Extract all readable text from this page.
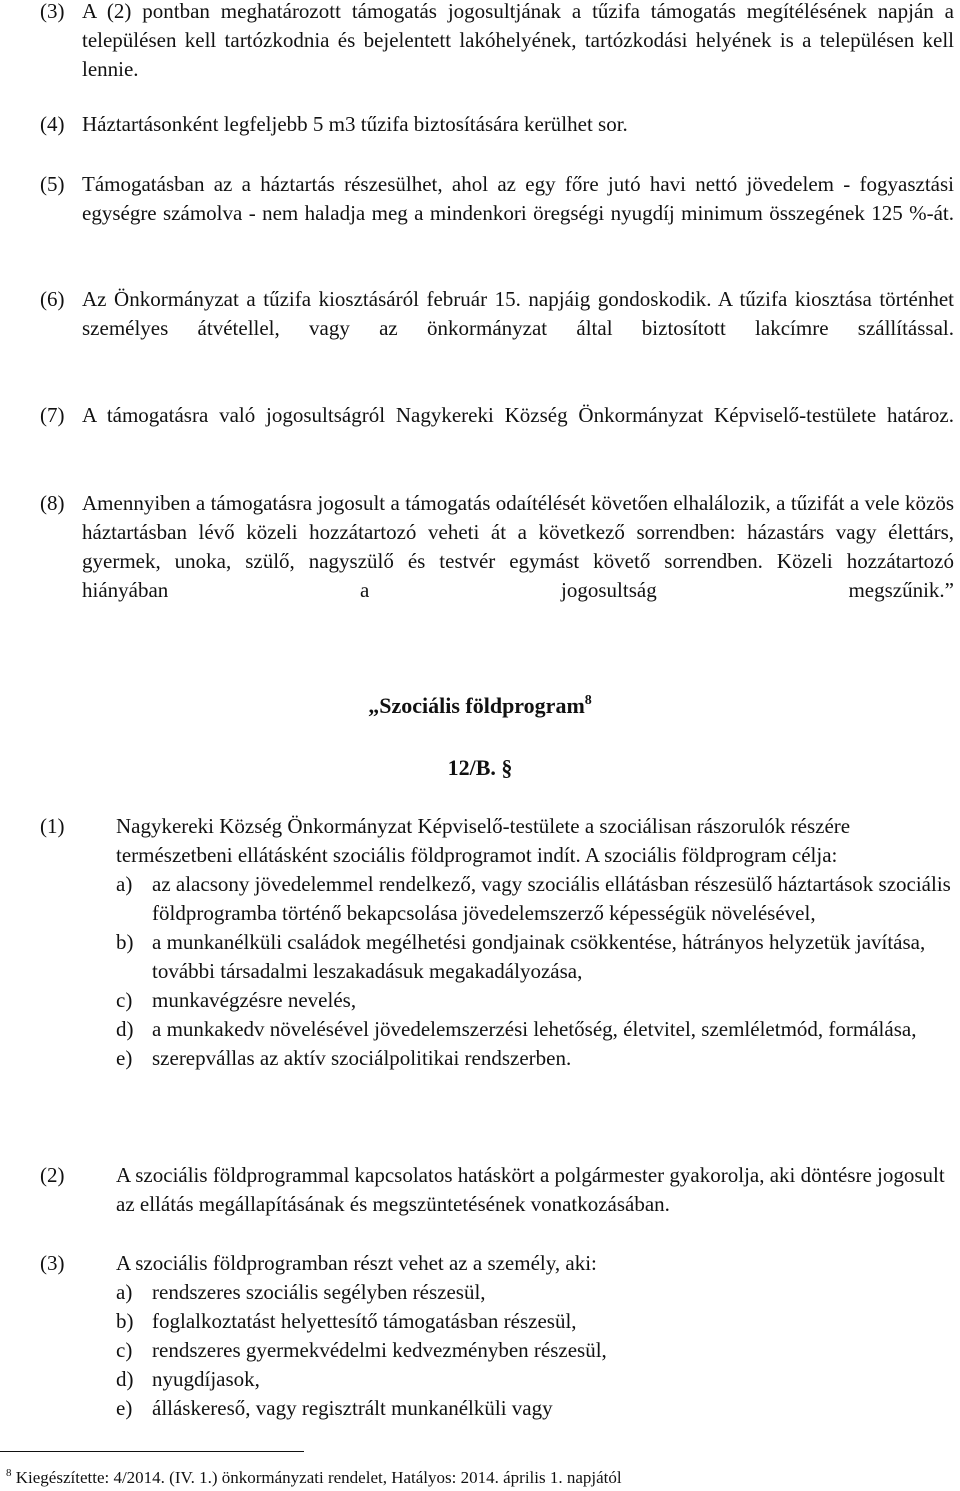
(3) A (2) pontban meghatározott támogatás jogosultjának a tűzifa támogatás megítélésének napján a településen kell tartózkodnia és bejelentett lakóhelyének, tartózkodási helyének is a településen kell lennie.
(4) Háztartásonként legfeljebb 5 m3 tűzifa biztosítására kerülhet sor.
(5) Támogatásban az a háztartás részesülhet, ahol az egy főre jutó havi nettó jövedelem - fogyasztási egységre számolva - nem haladja meg a mindenkori öregségi nyugdíj minimum összegének 125 %-át.
(6) Az Önkormányzat a tűzifa kiosztásáról február 15. napjáig gondoskodik. A tűzifa kiosztása történhet személyes átvétellel, vagy az önkormányzat által biztosított lakcímre szállítással.
(7) A támogatásra való jogosultságról Nagykereki Község Önkormányzat Képviselő-testülete határoz.
(8) Amennyiben a támogatásra jogosult a támogatás odaítélését követően elhalálozik, a tűzifát a vele közös háztartásban lévő közeli hozzátartozó veheti át a következő sorrendben: házastárs vagy élettárs, gyermek, unoka, szülő, nagyszülő és testvér egymást követő sorrendben. Közeli hozzátartozó hiányában a jogosultság megszűnik.”
„Szociális földprogram$^8$
12/B. §
(1)	Nagykereki Község Önkormányzat Képviselő-testülete a szociálisan rászorulók részére természetbeni ellátásként szociális földprogramot indít. A szociális földprogram célja:
a) az alacsony jövedelemmel rendelkező, vagy szociális ellátásban részesülő háztartások szociális földprogramba történő bekapcsolása jövedelemszerző képességük növelésével,
b) a munkanélküli családok megélhetési gondjainak csökkentése, hátrányos helyzetük javítása, további társadalmi leszakadásuk megakadályozása,
c) munkavégzésre nevelés,
d) a munkakedv növelésével jövedelemszerzési lehetőség, életvitel, szemléletmód, formálása,
e) szerepvállas az aktív szociálpolitikai rendszerben.
(2)	A szociális földprogrammal kapcsolatos hatáskört a polgármester gyakorolja, aki döntésre jogosult az ellátás megállapításának és megszüntetésének vonatkozásában.
(3)	A szociális földprogramban részt vehet az a személy, aki:
a) rendszeres szociális segélyben részesül,
b) foglalkoztatást helyettesítő támogatásban részesül,
c) rendszeres gyermekvédelmi kedvezményben részesül,
d) nyugdíjasok,
e) álláskereső, vagy regisztrált munkanélküli vagy
$^8$ Kiegészítette: 4/2014. (IV. 1.) önkormányzati rendelet, Hatályos: 2014. április 1. napjától
